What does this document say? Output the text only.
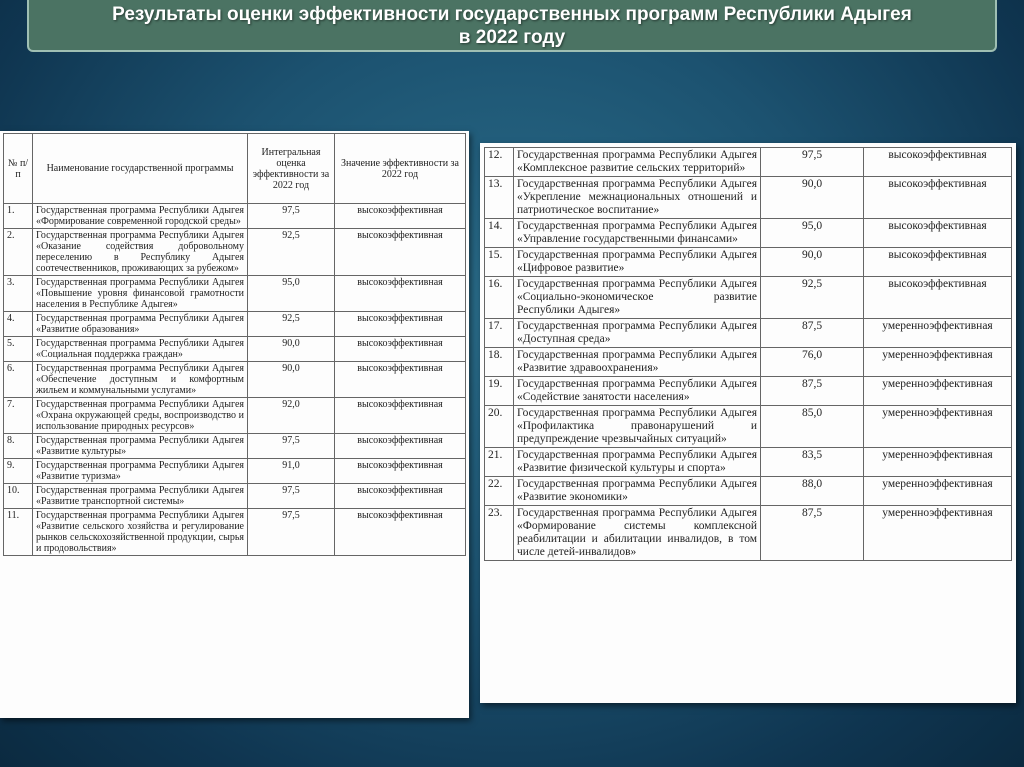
Результаты оценки эффективности государственных программ Республики Адыгея
в 2022 году
№ п/п	Наименование государственной программы	Интегральная оценка эффективности за 2022 год	Значение эффективности за 2022 год
1.	Государственная программа Республики Адыгея «Формирование современной городской среды»	97,5	высокоэффективная
2.	Государственная программа Республики Адыгея «Оказание содействия добровольному переселению в Республику Адыгея соотечественников, проживающих за рубежом»	92,5	высокоэффективная
3.	Государственная программа Республики Адыгея «Повышение уровня финансовой грамотности населения в Республике Адыгея»	95,0	высокоэффективная
4.	Государственная программа Республики Адыгея «Развитие образования»	92,5	высокоэффективная
5.	Государственная программа Республики Адыгея «Социальная поддержка граждан»	90,0	высокоэффективная
6.	Государственная программа Республики Адыгея «Обеспечение доступным и комфортным жильем и коммунальными услугами»	90,0	высокоэффективная
7.	Государственная программа Республики Адыгея «Охрана окружающей среды, воспроизводство и использование природных ресурсов»	92,0	высокоэффективная
8.	Государственная программа Республики Адыгея «Развитие культуры»	97,5	высокоэффективная
9.	Государственная программа Республики Адыгея «Развитие туризма»	91,0	высокоэффективная
10.	Государственная программа Республики Адыгея «Развитие транспортной системы»	97,5	высокоэффективная
11.	Государственная программа Республики Адыгея «Развитие сельского хозяйства и регулирование рынков сельскохозяйственной продукции, сырья и продовольствия»	97,5	высокоэффективная
12.	Государственная программа Республики Адыгея «Комплексное развитие сельских территорий»	97,5	высокоэффективная
13.	Государственная программа Республики Адыгея «Укрепление межнациональных отношений и патриотическое воспитание»	90,0	высокоэффективная
14.	Государственная программа Республики Адыгея «Управление государственными финансами»	95,0	высокоэффективная
15.	Государственная программа Республики Адыгея «Цифровое развитие»	90,0	высокоэффективная
16.	Государственная программа Республики Адыгея «Социально-экономическое развитие Республики Адыгея»	92,5	высокоэффективная
17.	Государственная программа Республики Адыгея «Доступная среда»	87,5	умеренноэффективная
18.	Государственная программа Республики Адыгея «Развитие здравоохранения»	76,0	умеренноэффективная
19.	Государственная программа Республики Адыгея «Содействие занятости населения»	87,5	умеренноэффективная
20.	Государственная программа Республики Адыгея «Профилактика правонарушений и предупреждение чрезвычайных ситуаций»	85,0	умеренноэффективная
21.	Государственная программа Республики Адыгея «Развитие физической культуры и спорта»	83,5	умеренноэффективная
22.	Государственная программа Республики Адыгея «Развитие экономики»	88,0	умеренноэффективная
23.	Государственная программа Республики Адыгея «Формирование системы комплексной реабилитации и абилитации инвалидов, в том числе детей-инвалидов»	87,5	умеренноэффективная
